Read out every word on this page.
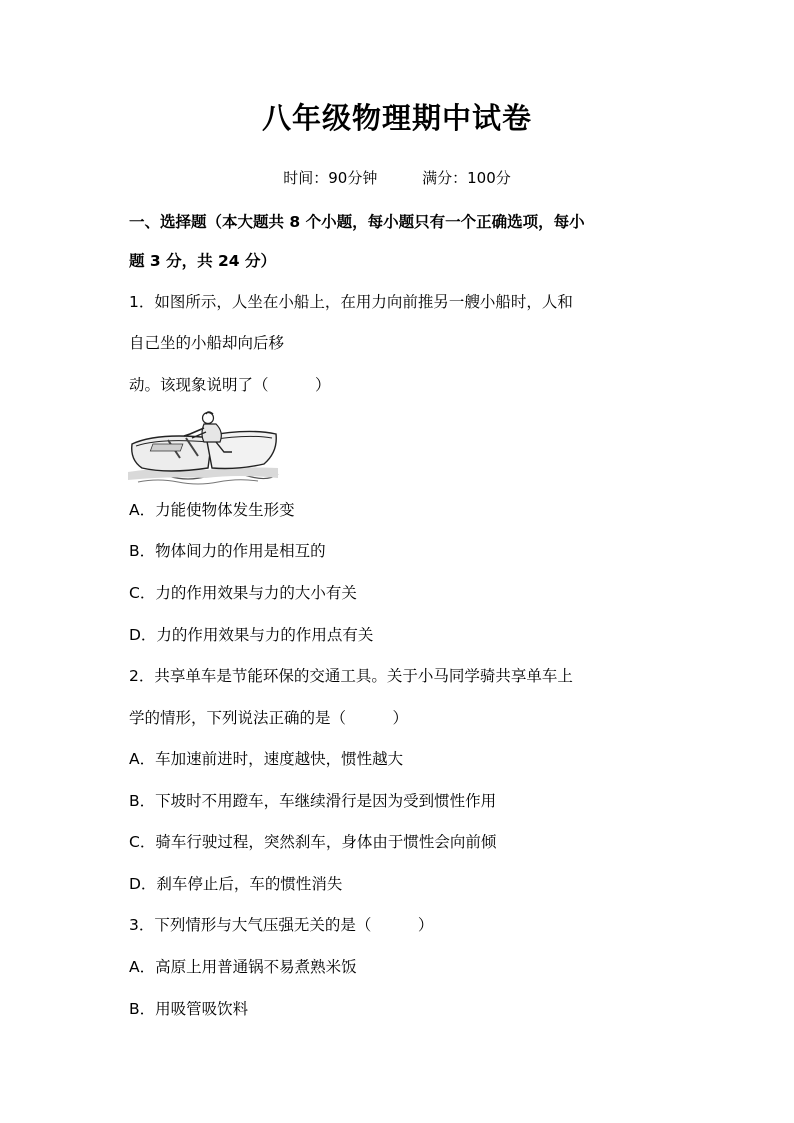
八年级物理期中试卷
时间：90分钟	满分：100分
一、选择题（本大题共 8 个小题，每小题只有一个正确选项，每小
题 3 分，共 24 分）
1．如图所示，人坐在小船上，在用力向前推另一艘小船时，人和
自己坐的小船却向后移
动。该现象说明了（　　　）
A．力能使物体发生形变
B．物体间力的作用是相互的
C．力的作用效果与力的大小有关
D．力的作用效果与力的作用点有关
2．共享单车是节能环保的交通工具。关于小马同学骑共享单车上
学的情形，下列说法正确的是（　　　）
A．车加速前进时，速度越快，惯性越大
B．下坡时不用蹬车，车继续滑行是因为受到惯性作用
C．骑车行驶过程，突然刹车，身体由于惯性会向前倾
D．刹车停止后，车的惯性消失
3．下列情形与大气压强无关的是（　　　）
A．高原上用普通锅不易煮熟米饭
B．用吸管吸饮料
